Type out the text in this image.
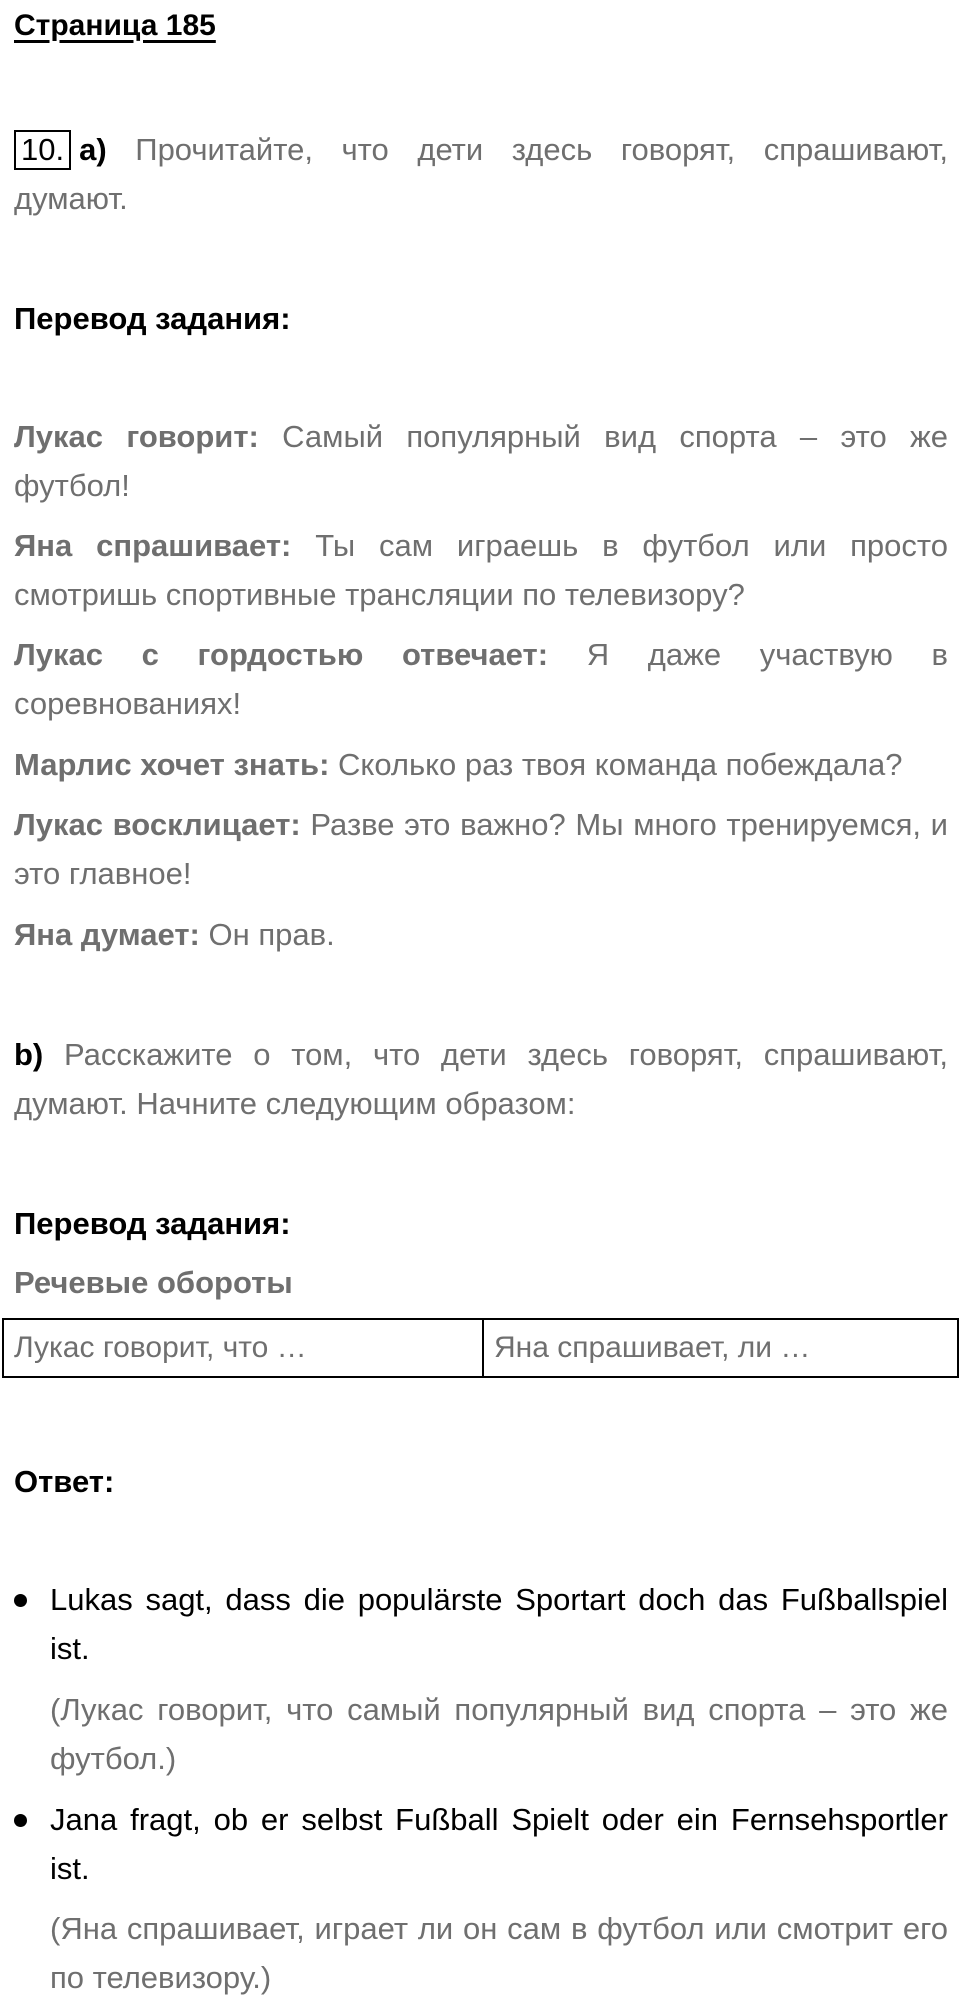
Страница 185
10. a) Прочитайте, что дети здесь говорят, спрашивают, думают.
Перевод задания:
Лукас говорит: Самый популярный вид спорта – это же футбол!
Яна спрашивает: Ты сам играешь в футбол или просто смотришь спортивные трансляции по телевизору?
Лукас с гордостью отвечает: Я даже участвую в соревнованиях!
Марлис хочет знать: Сколько раз твоя команда побеждала?
Лукас восклицает: Разве это важно? Мы много тренируемся, и это главное!
Яна думает: Он прав.
b) Расскажите о том, что дети здесь говорят, спрашивают, думают. Начните следующим образом:
Перевод задания:
Речевые обороты
Лукас говорит, что …	Яна спрашивает, ли …
Ответ:
Lukas sagt, dass die populärste Sportart doch das Fußballspiel ist.
(Лукас говорит, что самый популярный вид спорта – это же футбол.)
Jana fragt, ob er selbst Fußball Spielt oder ein Fernsehsportler ist.
(Яна спрашивает, играет ли он сам в футбол или смотрит его по телевизору.)
